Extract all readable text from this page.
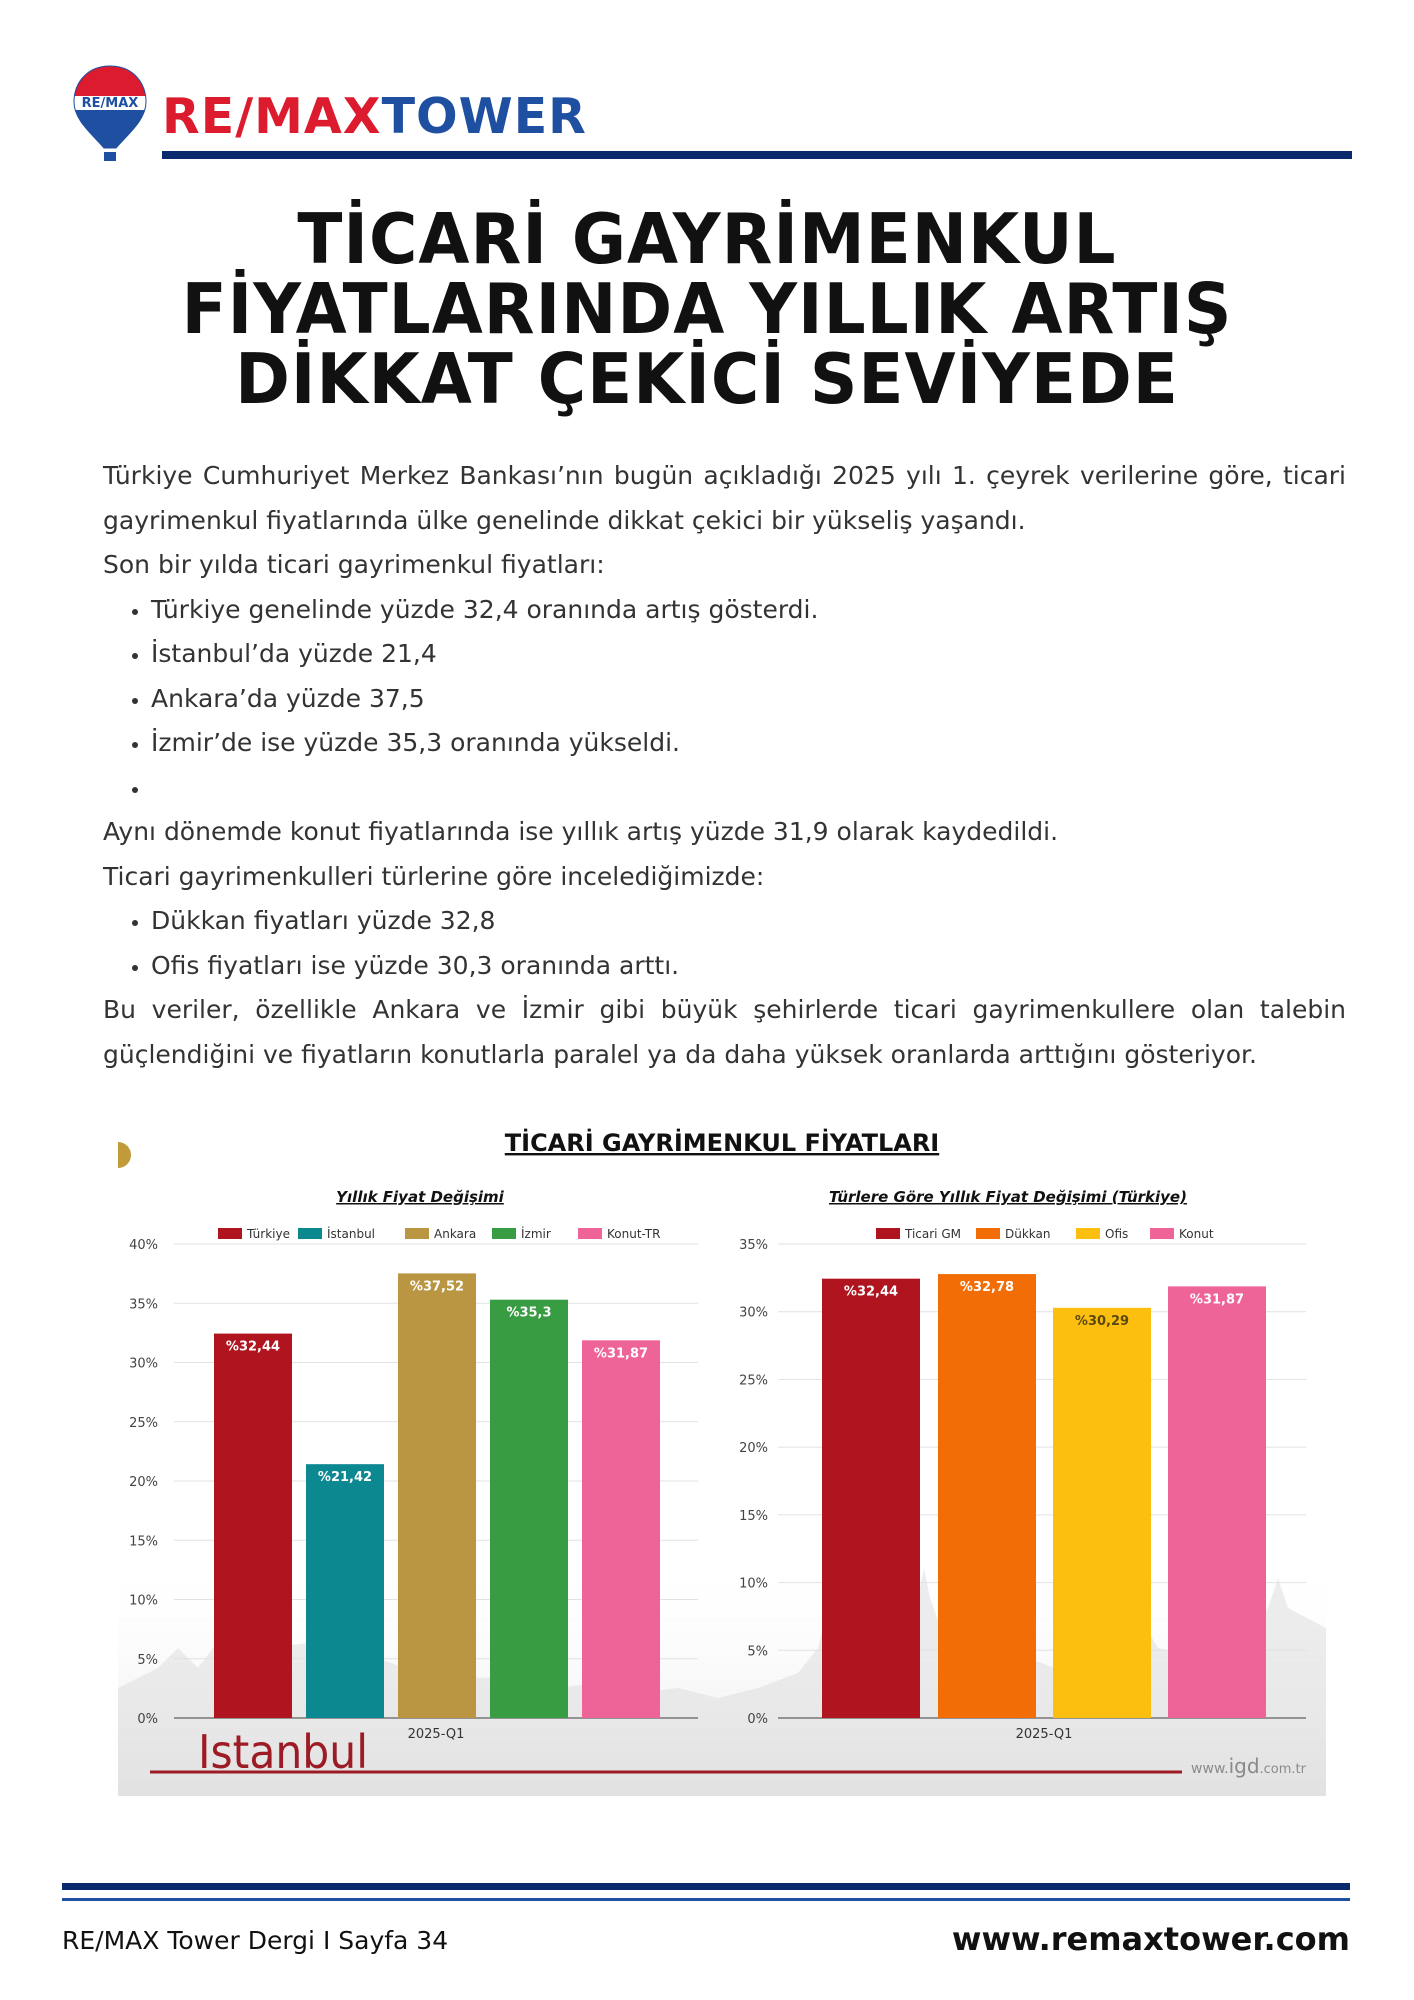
RE/MAX RE/MAXTOWER
TİCARİ GAYRİMENKUL
FİYATLARINDA YILLIK ARTIŞ
DİKKAT ÇEKİCİ SEVİYEDE

Türkiye Cumhuriyet Merkez Bankası’nın bugün açıkladığı 2025 yılı 1. çeyrek verilerine göre, ticari gayrimenkul fiyatlarında ülke genelinde dikkat çekici bir yükseliş yaşandı.

Son bir yılda ticari gayrimenkul fiyatları:

• Türkiye genelinde yüzde 32,4 oranında artış gösterdi.
• İstanbul’da yüzde 21,4
• Ankara’da yüzde 37,5
• İzmir’de ise yüzde 35,3 oranında yükseldi.
•

Aynı dönemde konut fiyatlarında ise yıllık artış yüzde 31,9 olarak kaydedildi.

Ticari gayrimenkulleri türlerine göre incelediğimizde:

• Dükkan fiyatları yüzde 32,8
• Ofis fiyatları ise yüzde 30,3 oranında arttı.

Bu veriler, özellikle Ankara ve İzmir gibi büyük şehirlerde ticari gayrimenkullere olan talebin güçlendiğini ve fiyatların konutlarla paralel ya da daha yüksek oranlarda arttığını gösteriyor.

TİCARİ GAYRİMENKUL FİYATLARI
Yıllık Fiyat Değişimi
Türkiye	İstanbul	Ankara	İzmir	Konut-TR
0%
5%
10%
15%
20%
25%
30%
35%
40%
%32,44
%21,42
%37,52
%35,3
%31,87
2025-Q1
Türlere Göre Yıllık Fiyat Değişimi (Türkiye)
Ticari GM	Dükkan	Ofis	Konut
0%
5%
10%
15%
20%
25%
30%
35%
%32,44	%32,78
%30,29
%31,87
2025-Q1
Istanbul	www.igd.com.tr
RE/MAX Tower Dergi I Sayfa 34	www.remaxtower.com
